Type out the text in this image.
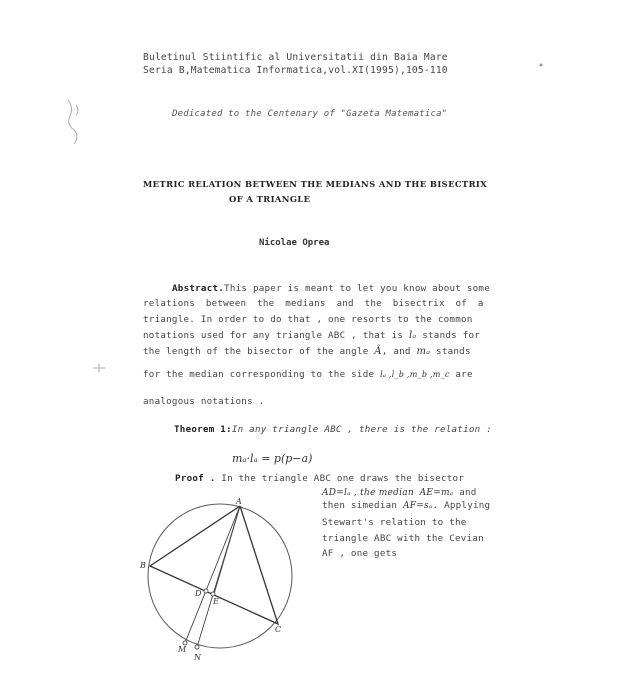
Buletinul Stiintific al Universitatii din Baia Mare
Seria B,Matematica Informatica,vol.XI(1995),105-110
Dedicated to the Centenary of "Gazeta Matematica"
METRIC RELATION BETWEEN THE MEDIANS AND THE BISECTRIX
OF A TRIANGLE
Nicolae Oprea
Abstract.This paper is meant to let you know about some
relations between the medians and the bisectrix of a
triangle. In order to do that , one resorts to the common
notations used for any triangle ABC , that is lₐ stands for
the length of the bisector of the angle Â, and mₐ stands
for the median corresponding to the side lₐ ,l_b ,m_b ,m_c are
analogous notations .
Theorem 1:In any triangle ABC , there is the relation :
mₐ·lₐ = p(p−a)
Proof . In the triangle ABC one draws the bisector
AD=lₐ , the median AE=mₐ and
then simedian AF=sₐ. Applying
Stewart's relation to the
triangle ABC with the Cevian
AF , one gets
A
B
C
D
E
M
N
